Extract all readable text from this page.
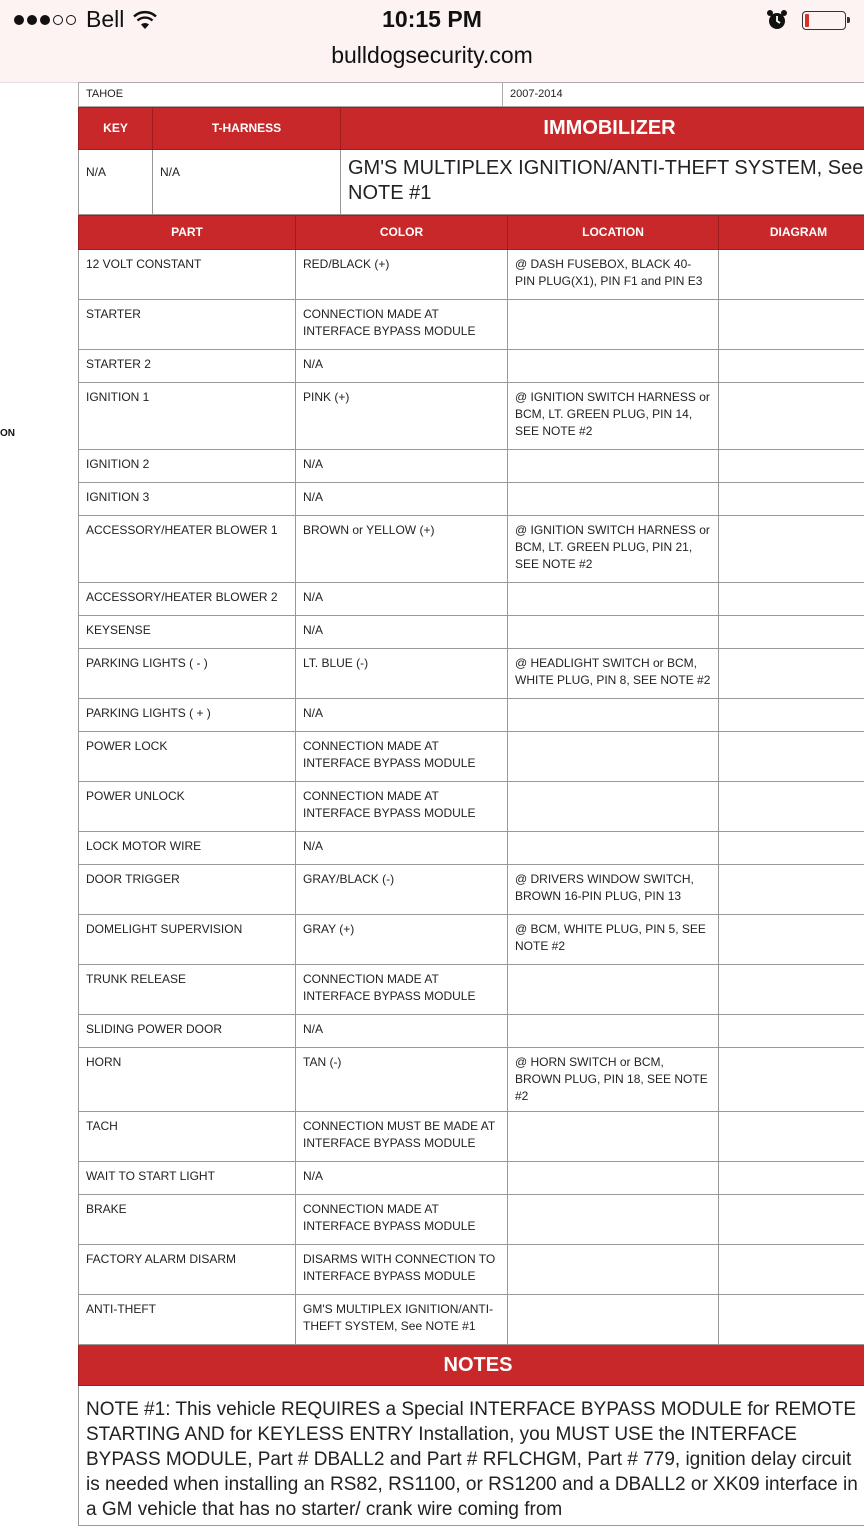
Bell	10:15 PM
bulldogsecurity.com
ON
TAHOE	2007-2014
KEY	T-HARNESS	IMMOBILIZER
N/A	N/A	GM'S MULTIPLEX IGNITION/ANTI-THEFT SYSTEM, See NOTE #1
PART	COLOR	LOCATION	DIAGRAM
12 VOLT CONSTANT	RED/BLACK (+)	@ DASH FUSEBOX, BLACK 40-PIN PLUG(X1), PIN F1 and PIN E3	
STARTER	CONNECTION MADE AT INTERFACE BYPASS MODULE		
STARTER 2	N/A		
IGNITION 1	PINK (+)	@ IGNITION SWITCH HARNESS or BCM, LT. GREEN PLUG, PIN 14, SEE NOTE #2	
IGNITION 2	N/A		
IGNITION 3	N/A		
ACCESSORY/HEATER BLOWER 1	BROWN or YELLOW (+)	@ IGNITION SWITCH HARNESS or BCM, LT. GREEN PLUG, PIN 21, SEE NOTE #2	
ACCESSORY/HEATER BLOWER 2	N/A		
KEYSENSE	N/A		
PARKING LIGHTS ( - )	LT. BLUE (-)	@ HEADLIGHT SWITCH or BCM, WHITE PLUG, PIN 8, SEE NOTE #2	
PARKING LIGHTS ( + )	N/A		
POWER LOCK	CONNECTION MADE AT INTERFACE BYPASS MODULE		
POWER UNLOCK	CONNECTION MADE AT INTERFACE BYPASS MODULE		
LOCK MOTOR WIRE	N/A		
DOOR TRIGGER	GRAY/BLACK (-)	@ DRIVERS WINDOW SWITCH, BROWN 16-PIN PLUG, PIN 13	
DOMELIGHT SUPERVISION	GRAY (+)	@ BCM, WHITE PLUG, PIN 5, SEE NOTE #2	
TRUNK RELEASE	CONNECTION MADE AT INTERFACE BYPASS MODULE		
SLIDING POWER DOOR	N/A		
HORN	TAN (-)	@ HORN SWITCH or BCM, BROWN PLUG, PIN 18, SEE NOTE #2	
TACH	CONNECTION MUST BE MADE AT INTERFACE BYPASS MODULE		
WAIT TO START LIGHT	N/A		
BRAKE	CONNECTION MADE AT INTERFACE BYPASS MODULE		
FACTORY ALARM DISARM	DISARMS WITH CONNECTION TO INTERFACE BYPASS MODULE		
ANTI-THEFT	GM'S MULTIPLEX IGNITION/ANTI-THEFT SYSTEM, See NOTE #1		
NOTES
NOTE #1: This vehicle REQUIRES a Special INTERFACE BYPASS MODULE for REMOTE STARTING AND for KEYLESS ENTRY Installation, you MUST USE the INTERFACE BYPASS MODULE, Part # DBALL2 and Part # RFLCHGM, Part # 779, ignition delay circuit is needed when installing an RS82, RS1100, or RS1200 and a DBALL2 or XK09 interface in a GM vehicle that has no starter/ crank wire coming from
